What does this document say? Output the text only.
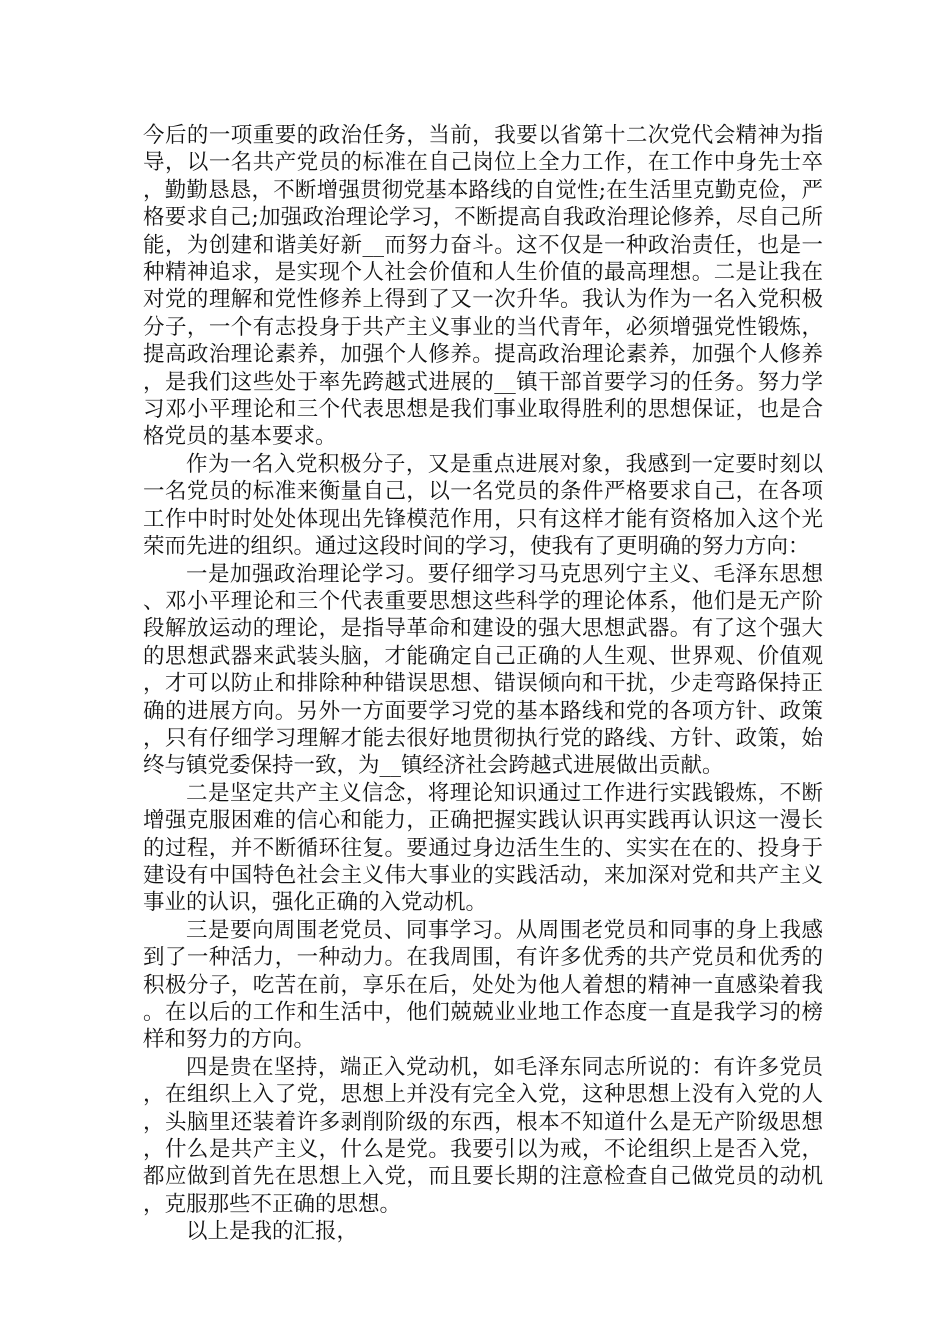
今后的一项重要的政治任务，当前，我要以省第十二次党代会精神为指导，以一名共产党员的标准在自己岗位上全力工作，在工作中身先士卒，勤勤恳恳，不断增强贯彻党基本路线的自觉性;在生活里克勤克俭，严格要求自己;加强政治理论学习，不断提高自我政治理论修养，尽自己所能，为创建和谐美好新__而努力奋斗。这不仅是一种政治责任，也是一种精神追求，是实现个人社会价值和人生价值的最高理想。二是让我在对党的理解和党性修养上得到了又一次升华。我认为作为一名入党积极分子，一个有志投身于共产主义事业的当代青年，必须增强党性锻炼，提高政治理论素养，加强个人修养。提高政治理论素养，加强个人修养，是我们这些处于率先跨越式进展的__镇干部首要学习的任务。努力学习邓小平理论和三个代表思想是我们事业取得胜利的思想保证，也是合格党员的基本要求。

作为一名入党积极分子，又是重点进展对象，我感到一定要时刻以一名党员的标准来衡量自己，以一名党员的条件严格要求自己，在各项工作中时时处处体现出先锋模范作用，只有这样才能有资格加入这个光荣而先进的组织。通过这段时间的学习，使我有了更明确的努力方向：

一是加强政治理论学习。要仔细学习马克思列宁主义、毛泽东思想、邓小平理论和三个代表重要思想这些科学的理论体系，他们是无产阶段解放运动的理论，是指导革命和建设的强大思想武器。有了这个强大的思想武器来武装头脑，才能确定自己正确的人生观、世界观、价值观，才可以防止和排除种种错误思想、错误倾向和干扰，少走弯路保持正确的进展方向。另外一方面要学习党的基本路线和党的各项方针、政策，只有仔细学习理解才能去很好地贯彻执行党的路线、方针、政策，始终与镇党委保持一致，为__镇经济社会跨越式进展做出贡献。

二是坚定共产主义信念，将理论知识通过工作进行实践锻炼，不断增强克服困难的信心和能力，正确把握实践认识再实践再认识这一漫长的过程，并不断循环往复。要通过身边活生生的、实实在在的、投身于建设有中国特色社会主义伟大事业的实践活动，来加深对党和共产主义事业的认识，强化正确的入党动机。

三是要向周围老党员、同事学习。从周围老党员和同事的身上我感到了一种活力，一种动力。在我周围，有许多优秀的共产党员和优秀的积极分子，吃苦在前，享乐在后，处处为他人着想的精神一直感染着我。在以后的工作和生活中，他们兢兢业业地工作态度一直是我学习的榜样和努力的方向。

四是贵在坚持，端正入党动机，如毛泽东同志所说的：有许多党员，在组织上入了党，思想上并没有完全入党，这种思想上没有入党的人，头脑里还装着许多剥削阶级的东西，根本不知道什么是无产阶级思想，什么是共产主义，什么是党。我要引以为戒，不论组织上是否入党，都应做到首先在思想上入党，而且要长期的注意检查自己做党员的动机，克服那些不正确的思想。

以上是我的汇报，
